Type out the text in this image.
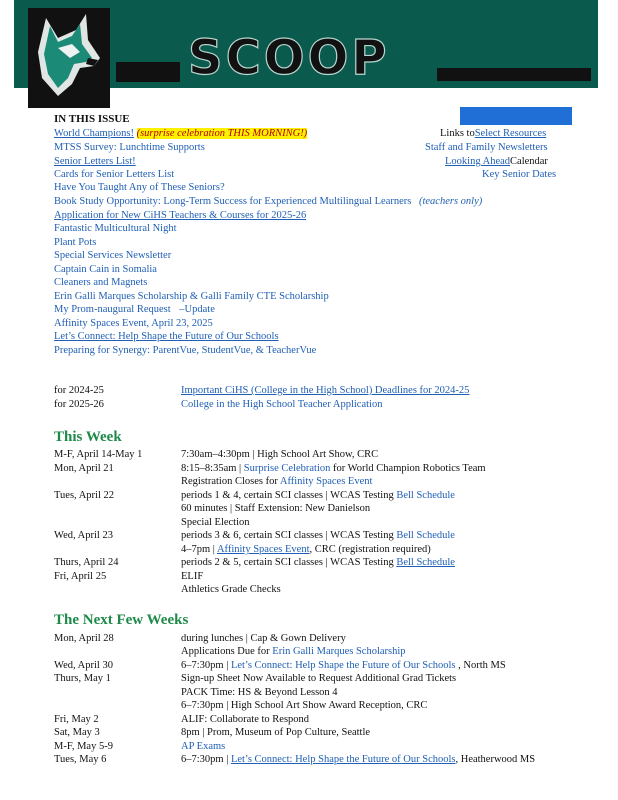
SCOOP
IN THIS ISSUE
World Champions! (surprise celebration THIS MORNING!)
MTSS Survey: Lunchtime Supports
Senior Letters List!
Cards for Senior Letters List
Have You Taught Any of These Seniors?
Book Study Opportunity: Long-Term Success for Experienced Multilingual Learners (teachers only)
Application for New CiHS Teachers & Courses for 2025-26
Fantastic Multicultural Night
Plant Pots
Special Services Newsletter
Captain Cain in Somalia
Cleaners and Magnets
Erin Galli Marques Scholarship & Galli Family CTE Scholarship
My Prom-naugural Request –Update
Affinity Spaces Event, April 23, 2025
Let’s Connect: Help Shape the Future of Our Schools
Preparing for Synergy: ParentVue, StudentVue, & TeacherVue
Links toSelect Resources
Staff and Family Newsletters
Looking AheadCalendar
Key Senior Dates
for 2024-25	Important CiHS (College in the High School) Deadlines for 2024-25
for 2025-26	College in the High School Teacher Application
This Week
M-F, April 14-May 1	7:30am–4:30pm | High School Art Show, CRC
Mon, April 21	8:15–8:35am | Surprise Celebration for World Champion Robotics Team
Registration Closes for Affinity Spaces Event
Tues, April 22	periods 1 & 4, certain SCI classes | WCAS Testing Bell Schedule
60 minutes | Staff Extension: New Danielson
Special Election
Wed, April 23	periods 3 & 6, certain SCI classes | WCAS Testing Bell Schedule
4–7pm | Affinity Spaces Event, CRC (registration required)
Thurs, April 24	periods 2 & 5, certain SCI classes | WCAS Testing Bell Schedule
Fri, April 25	ELIF
Athletics Grade Checks
The Next Few Weeks
Mon, April 28	during lunches | Cap & Gown Delivery
Applications Due for Erin Galli Marques Scholarship
Wed, April 30	6–7:30pm | Let’s Connect: Help Shape the Future of Our Schools , North MS
Thurs, May 1	Sign-up Sheet Now Available to Request Additional Grad Tickets
PACK Time: HS & Beyond Lesson 4
6–7:30pm | High School Art Show Award Reception, CRC
Fri, May 2	ALIF: Collaborate to Respond
Sat, May 3	8pm | Prom, Museum of Pop Culture, Seattle
M-F, May 5-9	AP Exams
Tues, May 6	6–7:30pm | Let’s Connect: Help Shape the Future of Our Schools, Heatherwood MS
